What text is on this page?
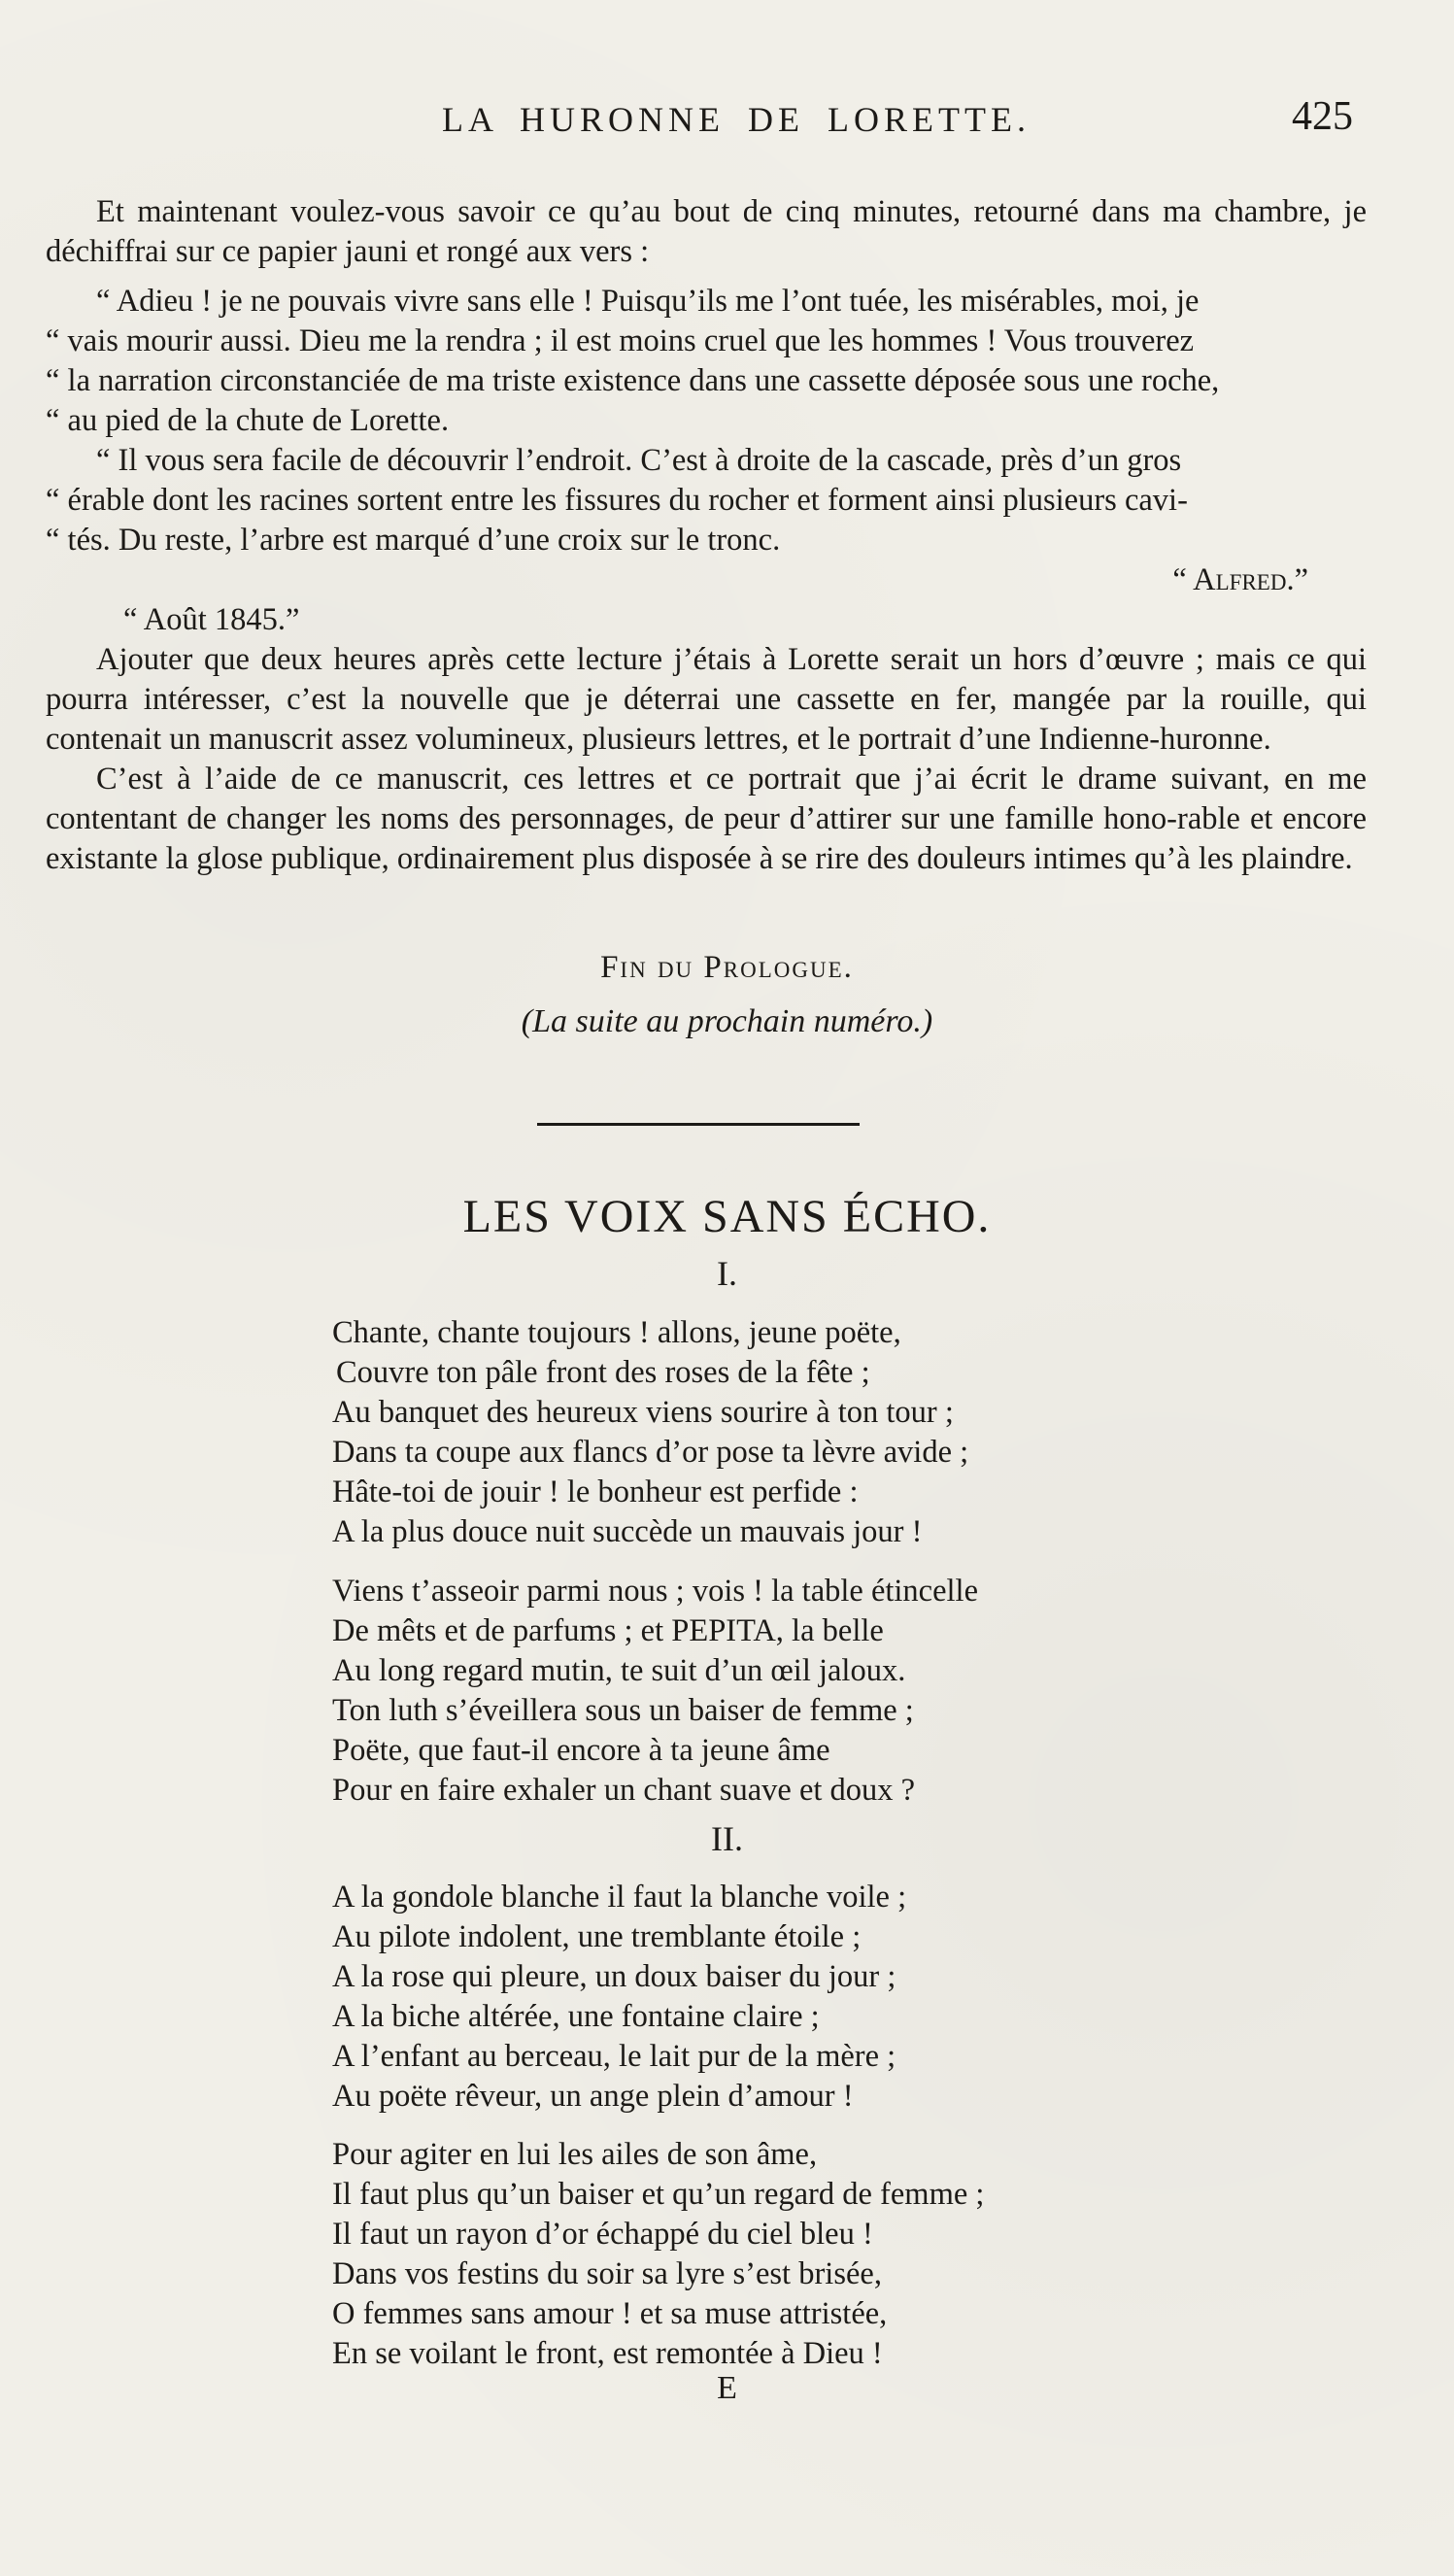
LA HURONNE DE LORETTE.	425

Et maintenant voulez-vous savoir ce qu’au bout de cinq minutes, retourné dans ma chambre, je déchiffrai sur ce papier jauni et rongé aux vers :

“ Adieu ! je ne pouvais vivre sans elle ! Puisqu’ils me l’ont tuée, les misérables, moi, je
“ vais mourir aussi. Dieu me la rendra ; il est moins cruel que les hommes ! Vous trouverez
“ la narration circonstanciée de ma triste existence dans une cassette déposée sous une roche,
“ au pied de la chute de Lorette.

“ Il vous sera facile de découvrir l’endroit. C’est à droite de la cascade, près d’un gros
“ érable dont les racines sortent entre les fissures du rocher et forment ainsi plusieurs cavi-
“ tés. Du reste, l’arbre est marqué d’une croix sur le tronc.

“ Alfred.”

“ Août 1845.”

Ajouter que deux heures après cette lecture j’étais à Lorette serait un hors d’œuvre ; mais ce qui pourra intéresser, c’est la nouvelle que je déterrai une cassette en fer, mangée par la rouille, qui contenait un manuscrit assez volumineux, plusieurs lettres, et le portrait d’une Indienne-huronne.

C’est à l’aide de ce manuscrit, ces lettres et ce portrait que j’ai écrit le drame suivant, en me contentant de changer les noms des personnages, de peur d’attirer sur une famille hono-rable et encore existante la glose publique, ordinairement plus disposée à se rire des douleurs intimes qu’à les plaindre.

Fin du Prologue.
(La suite au prochain numéro.)
LES VOIX SANS ÉCHO.
I.
Chante, chante toujours ! allons, jeune poëte,
Couvre ton pâle front des roses de la fête ;
Au banquet des heureux viens sourire à ton tour ;
Dans ta coupe aux flancs d’or pose ta lèvre avide ;
Hâte-toi de jouir ! le bonheur est perfide :
A la plus douce nuit succède un mauvais jour !
Viens t’asseoir parmi nous ; vois ! la table étincelle
De mêts et de parfums ; et PEPITA, la belle
Au long regard mutin, te suit d’un œil jaloux.
Ton luth s’éveillera sous un baiser de femme ;
Poëte, que faut-il encore à ta jeune âme
Pour en faire exhaler un chant suave et doux ?
II.
A la gondole blanche il faut la blanche voile ;
Au pilote indolent, une tremblante étoile ;
A la rose qui pleure, un doux baiser du jour ;
A la biche altérée, une fontaine claire ;
A l’enfant au berceau, le lait pur de la mère ;
Au poëte rêveur, un ange plein d’amour !
Pour agiter en lui les ailes de son âme,
Il faut plus qu’un baiser et qu’un regard de femme ;
Il faut un rayon d’or échappé du ciel bleu !
Dans vos festins du soir sa lyre s’est brisée,
O femmes sans amour ! et sa muse attristée,
En se voilant le front, est remontée à Dieu !
E
